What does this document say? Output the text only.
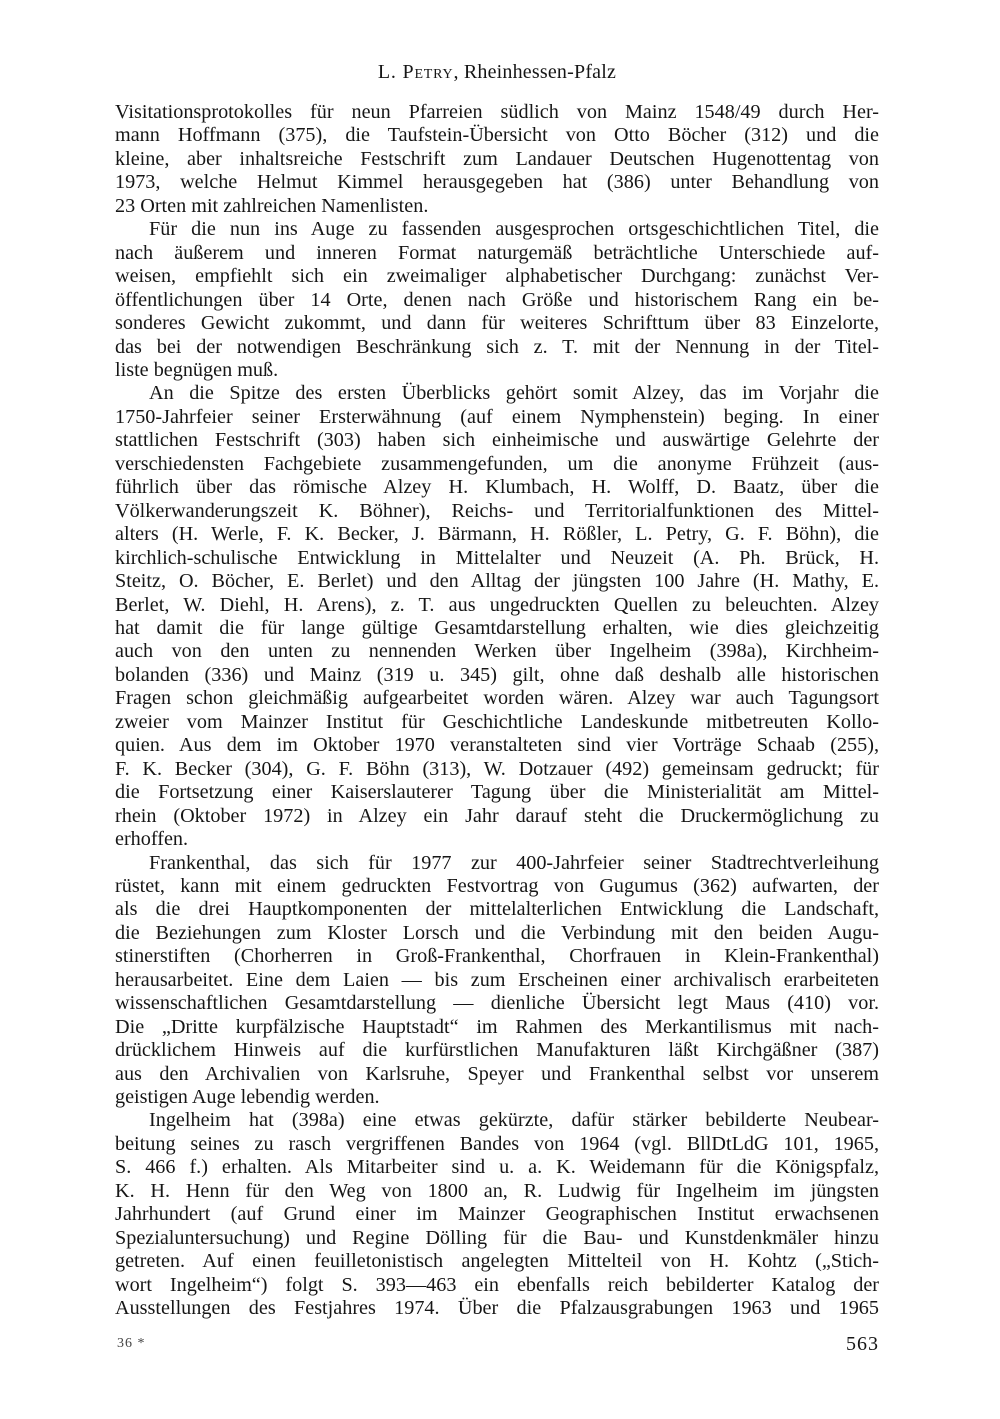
L. Petry, Rheinhessen-Pfalz

Visitationsprotokolles für neun Pfarreien südlich von Mainz 1548/49 durch Her-
mann Hoffmann (375), die Taufstein-Übersicht von Otto Böcher (312) und die
kleine, aber inhaltsreiche Festschrift zum Landauer Deutschen Hugenottentag von
1973, welche Helmut Kimmel herausgegeben hat (386) unter Behandlung von
23 Orten mit zahlreichen Namenlisten.

Für die nun ins Auge zu fassenden ausgesprochen ortsgeschichtlichen Titel, die
nach äußerem und inneren Format naturgemäß beträchtliche Unterschiede auf-
weisen, empfiehlt sich ein zweimaliger alphabetischer Durchgang: zunächst Ver-
öffentlichungen über 14 Orte, denen nach Größe und historischem Rang ein be-
sonderes Gewicht zukommt, und dann für weiteres Schrifttum über 83 Einzelorte,
das bei der notwendigen Beschränkung sich z. T. mit der Nennung in der Titel-
liste begnügen muß.

An die Spitze des ersten Überblicks gehört somit Alzey, das im Vorjahr die
1750-Jahrfeier seiner Ersterwähnung (auf einem Nymphenstein) beging. In einer
stattlichen Festschrift (303) haben sich einheimische und auswärtige Gelehrte der
verschiedensten Fachgebiete zusammengefunden, um die anonyme Frühzeit (aus-
führlich über das römische Alzey H. Klumbach, H. Wolff, D. Baatz, über die
Völkerwanderungszeit K. Böhner), Reichs- und Territorialfunktionen des Mittel-
alters (H. Werle, F. K. Becker, J. Bärmann, H. Rößler, L. Petry, G. F. Böhn), die
kirchlich-schulische Entwicklung in Mittelalter und Neuzeit (A. Ph. Brück, H.
Steitz, O. Böcher, E. Berlet) und den Alltag der jüngsten 100 Jahre (H. Mathy, E.
Berlet, W. Diehl, H. Arens), z. T. aus ungedruckten Quellen zu beleuchten. Alzey
hat damit die für lange gültige Gesamtdarstellung erhalten, wie dies gleichzeitig
auch von den unten zu nennenden Werken über Ingelheim (398a), Kirchheim-
bolanden (336) und Mainz (319 u. 345) gilt, ohne daß deshalb alle historischen
Fragen schon gleichmäßig aufgearbeitet worden wären. Alzey war auch Tagungsort
zweier vom Mainzer Institut für Geschichtliche Landeskunde mitbetreuten Kollo-
quien. Aus dem im Oktober 1970 veranstalteten sind vier Vorträge Schaab (255),
F. K. Becker (304), G. F. Böhn (313), W. Dotzauer (492) gemeinsam gedruckt; für
die Fortsetzung einer Kaiserslauterer Tagung über die Ministerialität am Mittel-
rhein (Oktober 1972) in Alzey ein Jahr darauf steht die Druckermöglichung zu
erhoffen.

Frankenthal, das sich für 1977 zur 400-Jahrfeier seiner Stadtrechtverleihung
rüstet, kann mit einem gedruckten Festvortrag von Gugumus (362) aufwarten, der
als die drei Hauptkomponenten der mittelalterlichen Entwicklung die Landschaft,
die Beziehungen zum Kloster Lorsch und die Verbindung mit den beiden Augu-
stinerstiften (Chorherren in Groß-Frankenthal, Chorfrauen in Klein-Frankenthal)
herausarbeitet. Eine dem Laien — bis zum Erscheinen einer archivalisch erarbeiteten
wissenschaftlichen Gesamtdarstellung — dienliche Übersicht legt Maus (410) vor.
Die „Dritte kurpfälzische Hauptstadt“ im Rahmen des Merkantilismus mit nach-
drücklichem Hinweis auf die kurfürstlichen Manufakturen läßt Kirchgäßner (387)
aus den Archivalien von Karlsruhe, Speyer und Frankenthal selbst vor unserem
geistigen Auge lebendig werden.

Ingelheim hat (398a) eine etwas gekürzte, dafür stärker bebilderte Neubear-
beitung seines zu rasch vergriffenen Bandes von 1964 (vgl. BllDtLdG 101, 1965,
S. 466 f.) erhalten. Als Mitarbeiter sind u. a. K. Weidemann für die Königspfalz,
K. H. Henn für den Weg von 1800 an, R. Ludwig für Ingelheim im jüngsten
Jahrhundert (auf Grund einer im Mainzer Geographischen Institut erwachsenen
Spezialuntersuchung) und Regine Dölling für die Bau- und Kunstdenkmäler hinzu
getreten. Auf einen feuilletonistisch angelegten Mittelteil von H. Kohtz („Stich-
wort Ingelheim“) folgt S. 393—463 ein ebenfalls reich bebilderter Katalog der
Ausstellungen des Festjahres 1974. Über die Pfalzausgrabungen 1963 und 1965

36 *	563
